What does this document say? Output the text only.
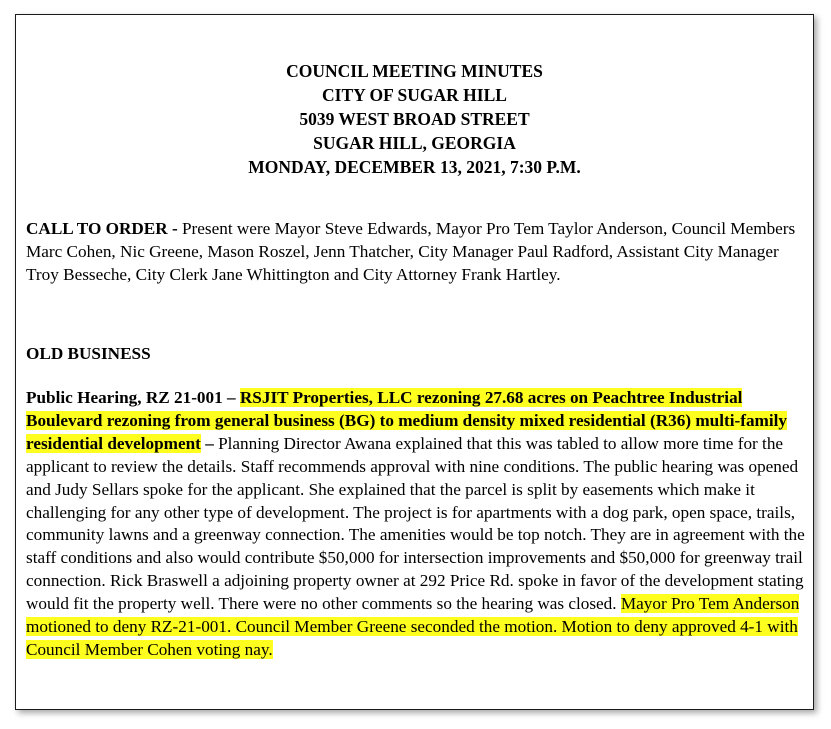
COUNCIL MEETING MINUTES
CITY OF SUGAR HILL
5039 WEST BROAD STREET
SUGAR HILL, GEORGIA
MONDAY, DECEMBER 13, 2021, 7:30 P.M.
CALL TO ORDER - Present were Mayor Steve Edwards, Mayor Pro Tem Taylor Anderson, Council Members Marc Cohen, Nic Greene, Mason Roszel, Jenn Thatcher, City Manager Paul Radford, Assistant City Manager Troy Besseche, City Clerk Jane Whittington and City Attorney Frank Hartley.
OLD BUSINESS
Public Hearing, RZ 21-001 – RSJIT Properties, LLC rezoning 27.68 acres on Peachtree Industrial Boulevard rezoning from general business (BG) to medium density mixed residential (R36) multi-family residential development – Planning Director Awana explained that this was tabled to allow more time for the applicant to review the details. Staff recommends approval with nine conditions. The public hearing was opened and Judy Sellars spoke for the applicant. She explained that the parcel is split by easements which make it challenging for any other type of development. The project is for apartments with a dog park, open space, trails, community lawns and a greenway connection. The amenities would be top notch. They are in agreement with the staff conditions and also would contribute $50,000 for intersection improvements and $50,000 for greenway trail connection. Rick Braswell a adjoining property owner at 292 Price Rd. spoke in favor of the development stating would fit the property well. There were no other comments so the hearing was closed. Mayor Pro Tem Anderson motioned to deny RZ-21-001. Council Member Greene seconded the motion. Motion to deny approved 4-1 with Council Member Cohen voting nay.
